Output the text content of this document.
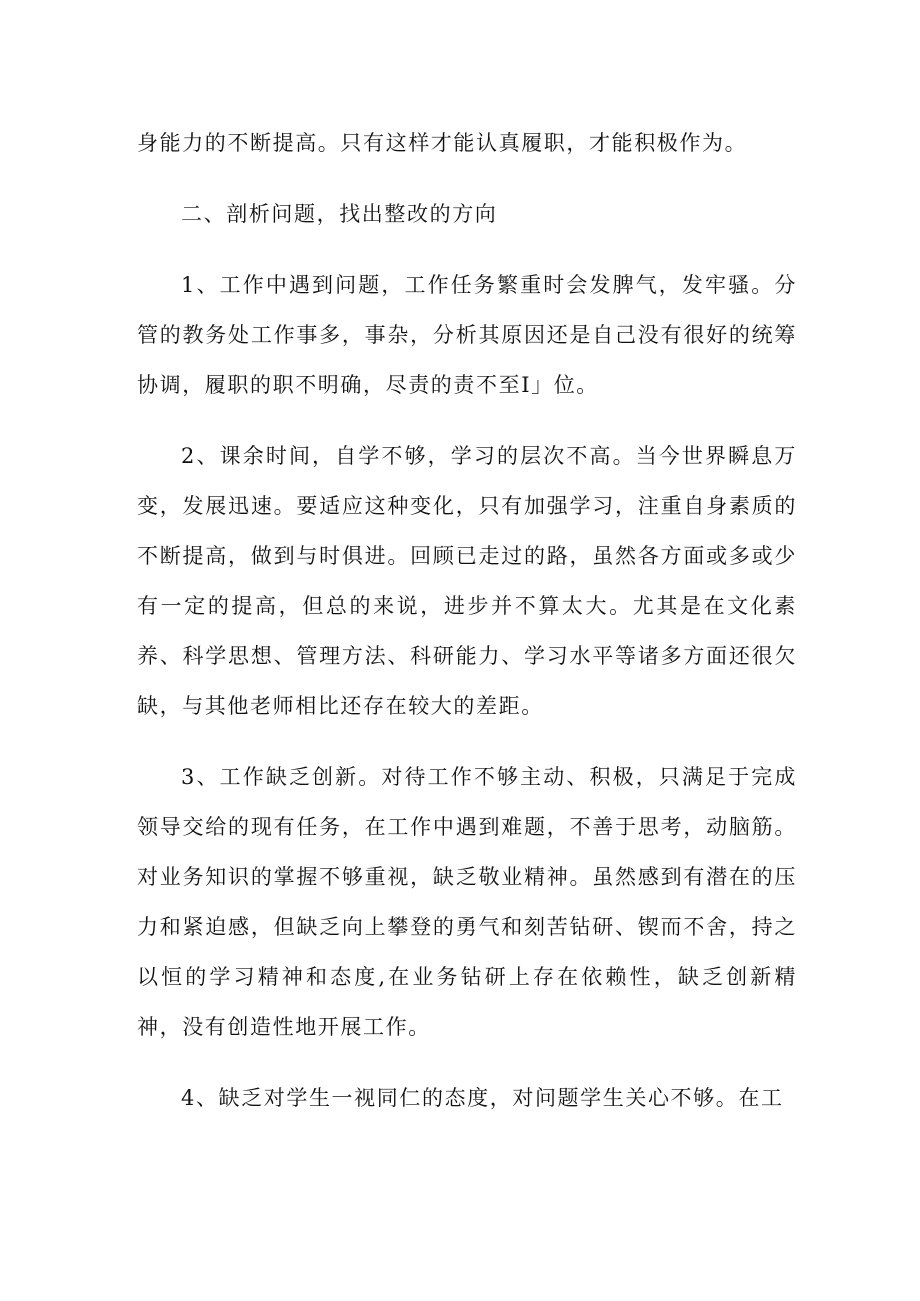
身能力的不断提高。只有这样才能认真履职，才能积极作为。

二、剖析问题，找出整改的方向

1、工作中遇到问题，工作任务繁重时会发脾气，发牢骚。分管的教务处工作事多，事杂，分析其原因还是自己没有很好的统筹协调，履职的职不明确，尽责的责不至I」位。

2、课余时间，自学不够，学习的层次不高。当今世界瞬息万变，发展迅速。要适应这种变化，只有加强学习，注重自身素质的不断提高，做到与时俱进。回顾已走过的路，虽然各方面或多或少有一定的提高，但总的来说，进步并不算太大。尤其是在文化素养、科学思想、管理方法、科研能力、学习水平等诸多方面还很欠缺，与其他老师相比还存在较大的差距。

3、工作缺乏创新。对待工作不够主动、积极，只满足于完成领导交给的现有任务，在工作中遇到难题，不善于思考，动脑筋。对业务知识的掌握不够重视，缺乏敬业精神。虽然感到有潜在的压力和紧迫感，但缺乏向上攀登的勇气和刻苦钻研、锲而不舍，持之以恒的学习精神和态度,在业务钻研上存在依赖性，缺乏创新精神，没有创造性地开展工作。

4、缺乏对学生一视同仁的态度，对问题学生关心不够。在工
